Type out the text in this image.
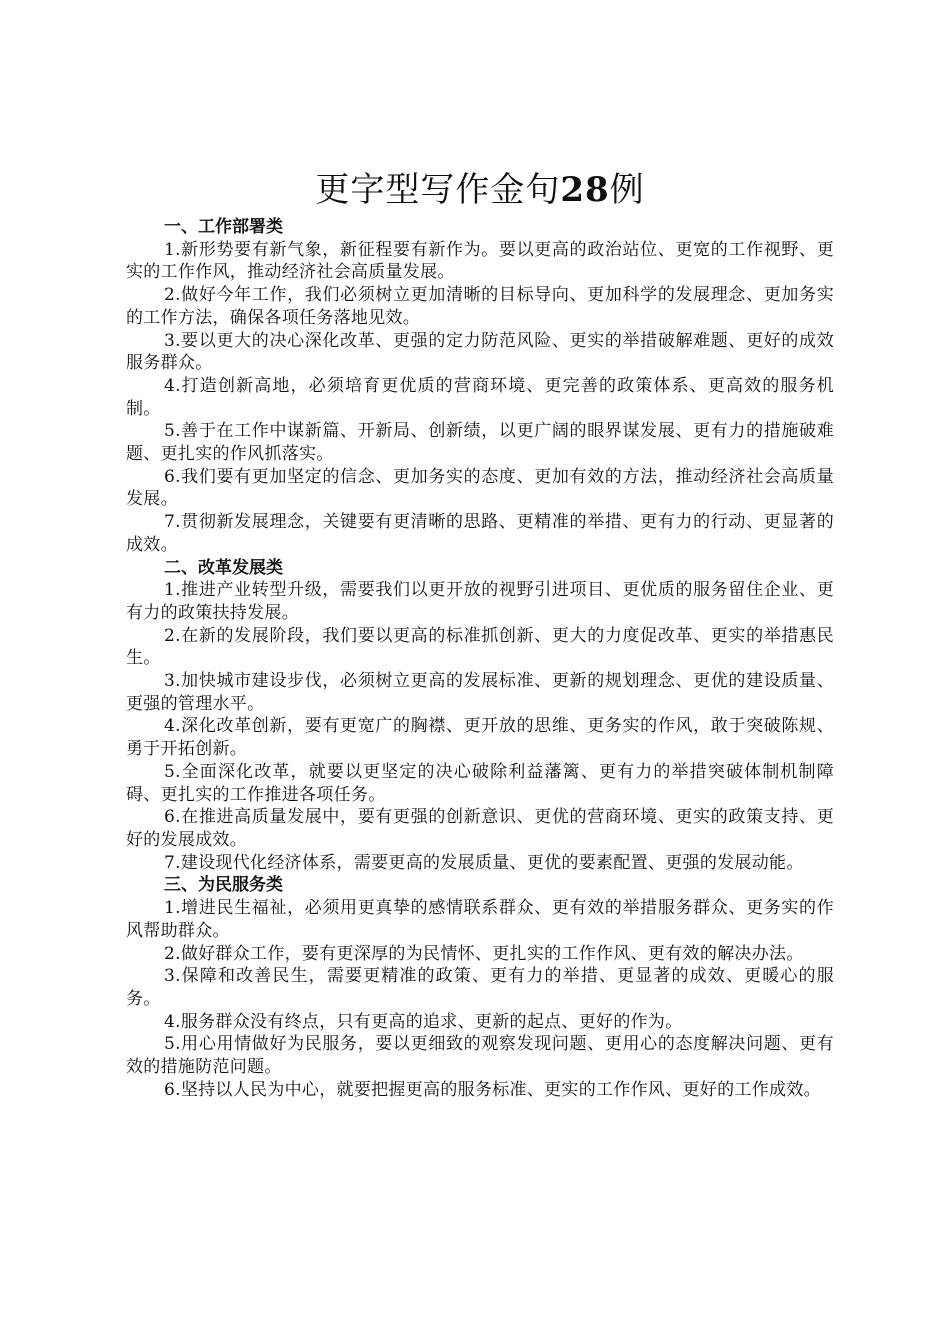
更字型写作金句28例

一、工作部署类

1.新形势要有新气象，新征程要有新作为。要以更高的政治站位、更宽的工作视野、更实的工作作风，推动经济社会高质量发展。

2.做好今年工作，我们必须树立更加清晰的目标导向、更加科学的发展理念、更加务实的工作方法，确保各项任务落地见效。

3.要以更大的决心深化改革、更强的定力防范风险、更实的举措破解难题、更好的成效服务群众。

4.打造创新高地，必须培育更优质的营商环境、更完善的政策体系、更高效的服务机制。

5.善于在工作中谋新篇、开新局、创新绩，以更广阔的眼界谋发展、更有力的措施破难题、更扎实的作风抓落实。

6.我们要有更加坚定的信念、更加务实的态度、更加有效的方法，推动经济社会高质量发展。

7.贯彻新发展理念，关键要有更清晰的思路、更精准的举措、更有力的行动、更显著的成效。

二、改革发展类

1.推进产业转型升级，需要我们以更开放的视野引进项目、更优质的服务留住企业、更有力的政策扶持发展。

2.在新的发展阶段，我们要以更高的标准抓创新、更大的力度促改革、更实的举措惠民生。

3.加快城市建设步伐，必须树立更高的发展标准、更新的规划理念、更优的建设质量、更强的管理水平。

4.深化改革创新，要有更宽广的胸襟、更开放的思维、更务实的作风，敢于突破陈规、勇于开拓创新。

5.全面深化改革，就要以更坚定的决心破除利益藩篱、更有力的举措突破体制机制障碍、更扎实的工作推进各项任务。

6.在推进高质量发展中，要有更强的创新意识、更优的营商环境、更实的政策支持、更好的发展成效。

7.建设现代化经济体系，需要更高的发展质量、更优的要素配置、更强的发展动能。

三、为民服务类

1.增进民生福祉，必须用更真挚的感情联系群众、更有效的举措服务群众、更务实的作风帮助群众。

2.做好群众工作，要有更深厚的为民情怀、更扎实的工作作风、更有效的解决办法。

3.保障和改善民生，需要更精准的政策、更有力的举措、更显著的成效、更暖心的服务。

4.服务群众没有终点，只有更高的追求、更新的起点、更好的作为。

5.用心用情做好为民服务，要以更细致的观察发现问题、更用心的态度解决问题、更有效的措施防范问题。

6.坚持以人民为中心，就要把握更高的服务标准、更实的工作作风、更好的工作成效。
